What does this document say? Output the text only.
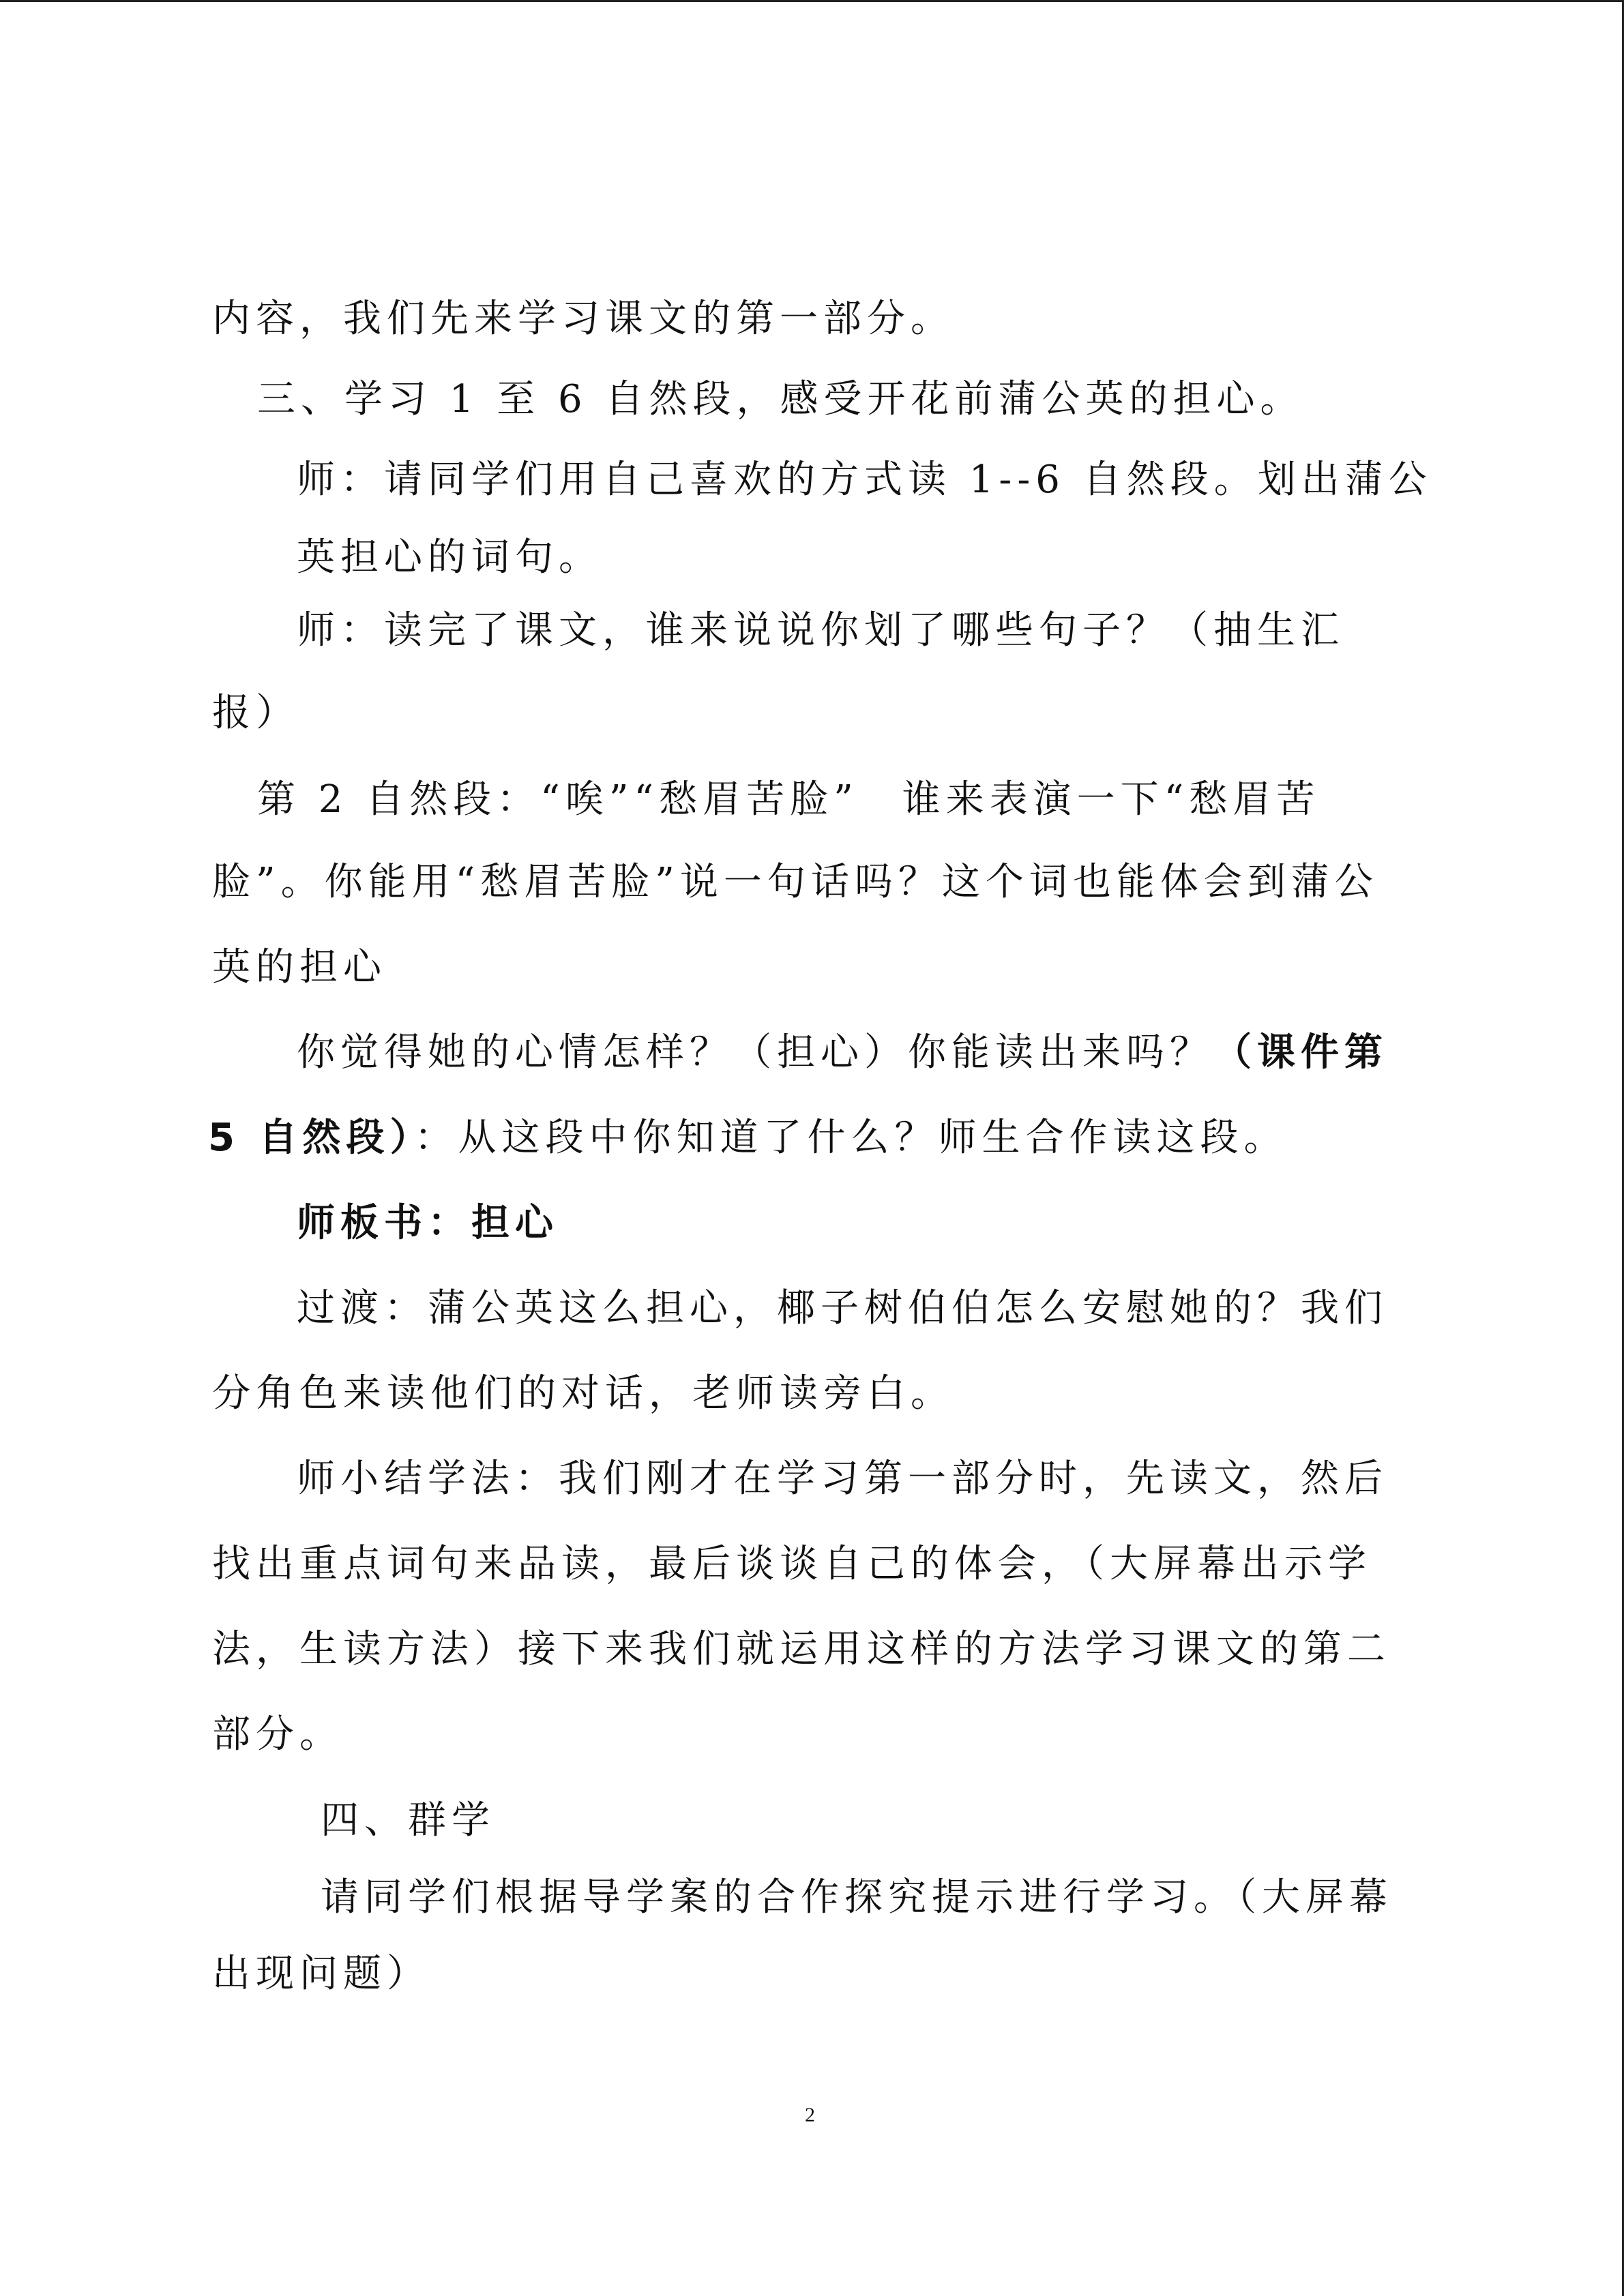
内容，我们先来学习课文的第一部分。
三、学习 1 至 6 自然段，感受开花前蒲公英的担心。
师：请同学们用自己喜欢的方式读 1--6 自然段。划出蒲公
英担心的词句。
师：读完了课文，谁来说说你划了哪些句子？（抽生汇
报）
第 2 自然段：“唉”“愁眉苦脸”　谁来表演一下“愁眉苦
脸”。你能用“愁眉苦脸”说一句话吗？这个词也能体会到蒲公
英的担心
你觉得她的心情怎样？（担心）你能读出来吗？（课件第
5 自然段）：从这段中你知道了什么？师生合作读这段。
师板书：担心
过渡：蒲公英这么担心，椰子树伯伯怎么安慰她的？我们
分角色来读他们的对话，老师读旁白。
师小结学法：我们刚才在学习第一部分时，先读文，然后
找出重点词句来品读，最后谈谈自己的体会，（大屏幕出示学
法，生读方法）接下来我们就运用这样的方法学习课文的第二
部分。
四、群学
请同学们根据导学案的合作探究提示进行学习。（大屏幕
出现问题）
2
